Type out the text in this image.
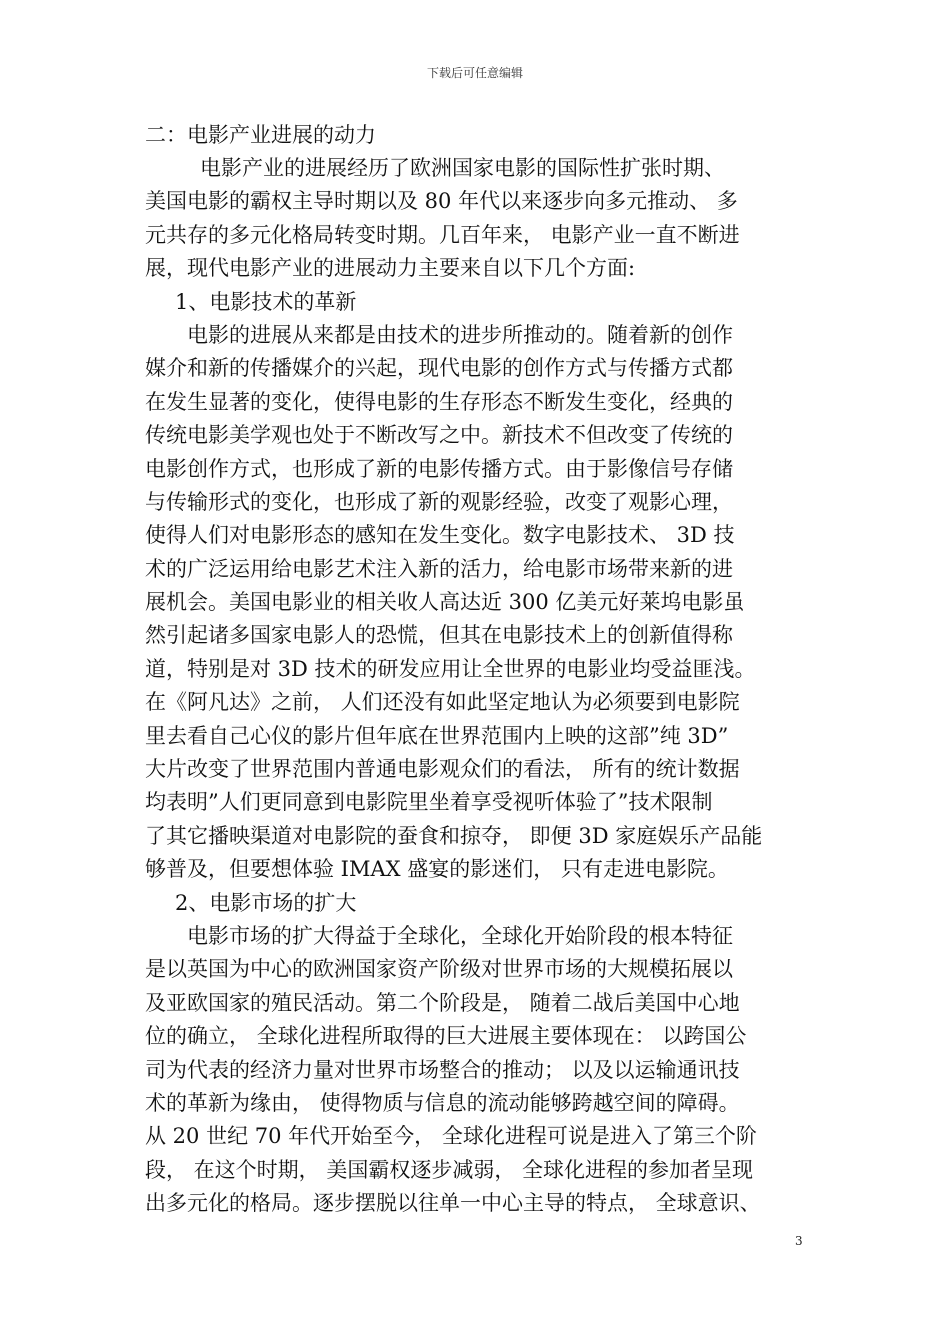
下载后可任意编辑
二：电影产业进展的动力
电影产业的进展经历了欧洲国家电影的国际性扩张时期、
美国电影的霸权主导时期以及 80 年代以来逐步向多元推动、 多
元共存的多元化格局转变时期。几百年来， 电影产业一直不断进
展，现代电影产业的进展动力主要来自以下几个方面:
1、电影技术的革新
电影的进展从来都是由技术的进步所推动的。随着新的创作
媒介和新的传播媒介的兴起，现代电影的创作方式与传播方式都
在发生显著的变化，使得电影的生存形态不断发生变化，经典的
传统电影美学观也处于不断改写之中。新技术不但改变了传统的
电影创作方式，也形成了新的电影传播方式。由于影像信号存储
与传输形式的变化，也形成了新的观影经验，改变了观影心理，
使得人们对电影形态的感知在发生变化。数字电影技术、 3D 技
术的广泛运用给电影艺术注入新的活力，给电影市场带来新的进
展机会。美国电影业的相关收人高达近 300 亿美元好莱坞电影虽
然引起诸多国家电影人的恐慌，但其在电影技术上的创新值得称
道，特别是对 3D 技术的研发应用让全世界的电影业均受益匪浅。
在《阿凡达》之前， 人们还没有如此坚定地认为必须要到电影院
里去看自己心仪的影片但年底在世界范围内上映的这部”纯 3D”
大片改变了世界范围内普通电影观众们的看法， 所有的统计数据
均表明”人们更同意到电影院里坐着享受视听体验了”技术限制
了其它播映渠道对电影院的蚕食和掠夺， 即便 3D 家庭娱乐产品能
够普及，但要想体验 IMAX 盛宴的影迷们， 只有走进电影院。
2、电影市场的扩大
电影市场的扩大得益于全球化，全球化开始阶段的根本特征
是以英国为中心的欧洲国家资产阶级对世界市场的大规模拓展以
及亚欧国家的殖民活动。第二个阶段是， 随着二战后美国中心地
位的确立， 全球化进程所取得的巨大进展主要体现在： 以跨国公
司为代表的经济力量对世界市场整合的推动； 以及以运输通讯技
术的革新为缘由， 使得物质与信息的流动能够跨越空间的障碍。
从 20 世纪 70 年代开始至今， 全球化进程可说是进入了第三个阶
段， 在这个时期， 美国霸权逐步减弱， 全球化进程的参加者呈现
出多元化的格局。逐步摆脱以往单一中心主导的特点， 全球意识、
3
